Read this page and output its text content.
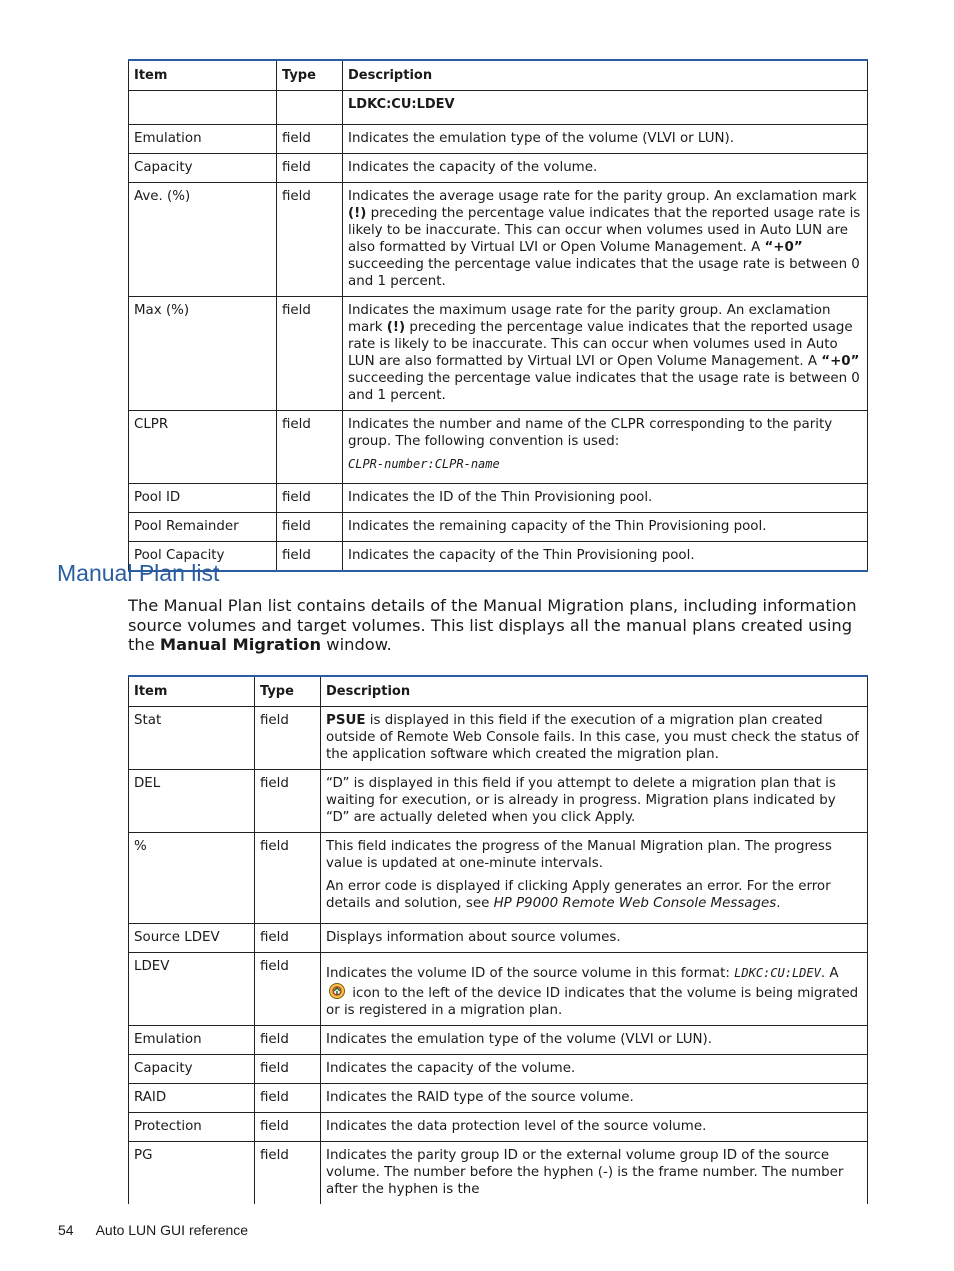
Item	Type	Description
		LDKC:CU:LDEV
Emulation	field	Indicates the emulation type of the volume (VLVI or LUN).
Capacity	field	Indicates the capacity of the volume.
Ave. (%)	field	Indicates the average usage rate for the parity group. An exclamation mark (!) preceding the percentage value indicates that the reported usage rate is likely to be inaccurate. This can occur when volumes used in Auto LUN are also formatted by Virtual LVI or Open Volume Management. A “+0” succeeding the percentage value indicates that the usage rate is between 0 and 1 percent.
Max (%)	field	Indicates the maximum usage rate for the parity group. An exclamation mark (!) preceding the percentage value indicates that the reported usage rate is likely to be inaccurate. This can occur when volumes used in Auto LUN are also formatted by Virtual LVI or Open Volume Management. A “+0” succeeding the percentage value indicates that the usage rate is between 0 and 1 percent.
CLPR	field	Indicates the number and name of the CLPR corresponding to the parity group. The following convention is used:

CLPR-number:CLPR-name

Pool ID	field	Indicates the ID of the Thin Provisioning pool.
Pool Remainder	field	Indicates the remaining capacity of the Thin Provisioning pool.
Pool Capacity	field	Indicates the capacity of the Thin Provisioning pool.
Manual Plan list

The Manual Plan list contains details of the Manual Migration plans, including information source volumes and target volumes. This list displays all the manual plans created using the Manual Migration window.

Item	Type	Description
Stat	field	PSUE is displayed in this field if the execution of a migration plan created outside of Remote Web Console fails. In this case, you must check the status of the application software which created the migration plan.
DEL	field	“D” is displayed in this field if you attempt to delete a migration plan that is waiting for execution, or is already in progress. Migration plans indicated by “D” are actually deleted when you click Apply.
%	field	This field indicates the progress of the Manual Migration plan. The progress value is updated at one-minute intervals.

An error code is displayed if clicking Apply generates an error. For the error details and solution, see HP P9000 Remote Web Console Messages.

Source LDEV	field	Displays information about source volumes.
LDEV	field	Indicates the volume ID of the source volume in this format: LDKC:CU:LDEV. A  icon to the left of the device ID indicates that the volume is being migrated or is registered in a migration plan.
Emulation	field	Indicates the emulation type of the volume (VLVI or LUN).
Capacity	field	Indicates the capacity of the volume.
RAID	field	Indicates the RAID type of the source volume.
Protection	field	Indicates the data protection level of the source volume.
PG	field	Indicates the parity group ID or the external volume group ID of the source volume. The number before the hyphen (-) is the frame number. The number after the hyphen is the
54 Auto LUN GUI reference
